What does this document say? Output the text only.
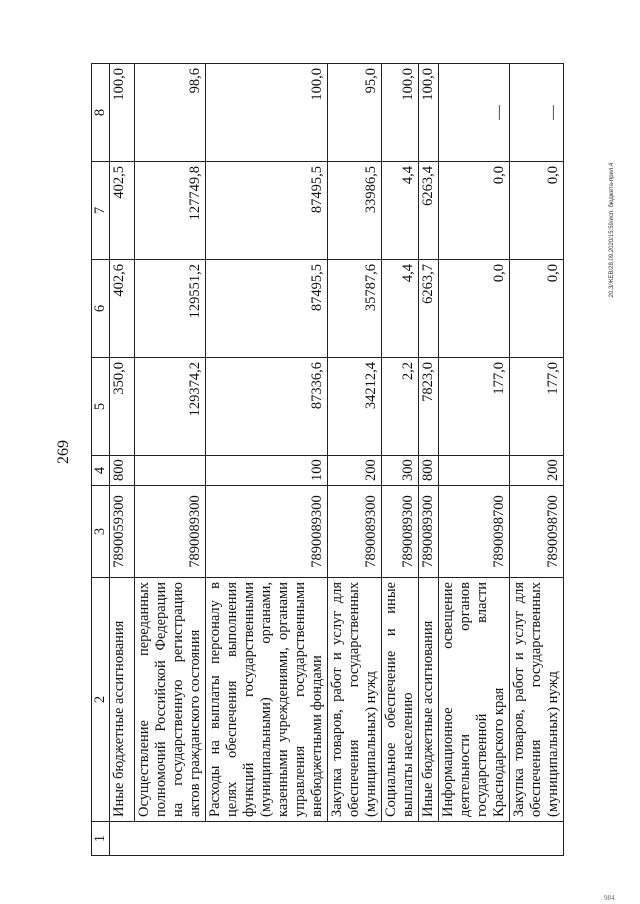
269
20.3/ЖЕВ/28.09.2020/15:59/исп. бюджета-прил.4
984
1	2	3	4	5	6	7	8
	Иные бюджетные ассигнования	7890059300	800	350,0	402,6	402,5	100,0
	Осуществление переданных полномочий Российской Федерации на государственную регистрацию актов гражданского состояния	7890089300		129374,2	129551,2	127749,8	98,6
	Расходы на выплаты персоналу в целях обеспечения выполнения функций государственными (муниципальными) органами, казенными учреждениями, органами управления государственными внебюджетными фондами	7890089300	100	87336,6	87495,5	87495,5	100,0
	Закупка товаров, работ и услуг для обеспечения государственных (муниципальных) нужд	7890089300	200	34212,4	35787,6	33986,5	95,0
	Социальное обеспечение и иные выплаты населению	7890089300	300	2,2	4,4	4,4	100,0
	Иные бюджетные ассигнования	7890089300	800	7823,0	6263,7	6263,4	100,0
	Информационное освещение деятельности органов государственной власти Краснодарского края	7890098700		177,0	0,0	0,0	—
	Закупка товаров, работ и услуг для обеспечения государственных (муниципальных) нужд	7890098700	200	177,0	0,0	0,0	—
